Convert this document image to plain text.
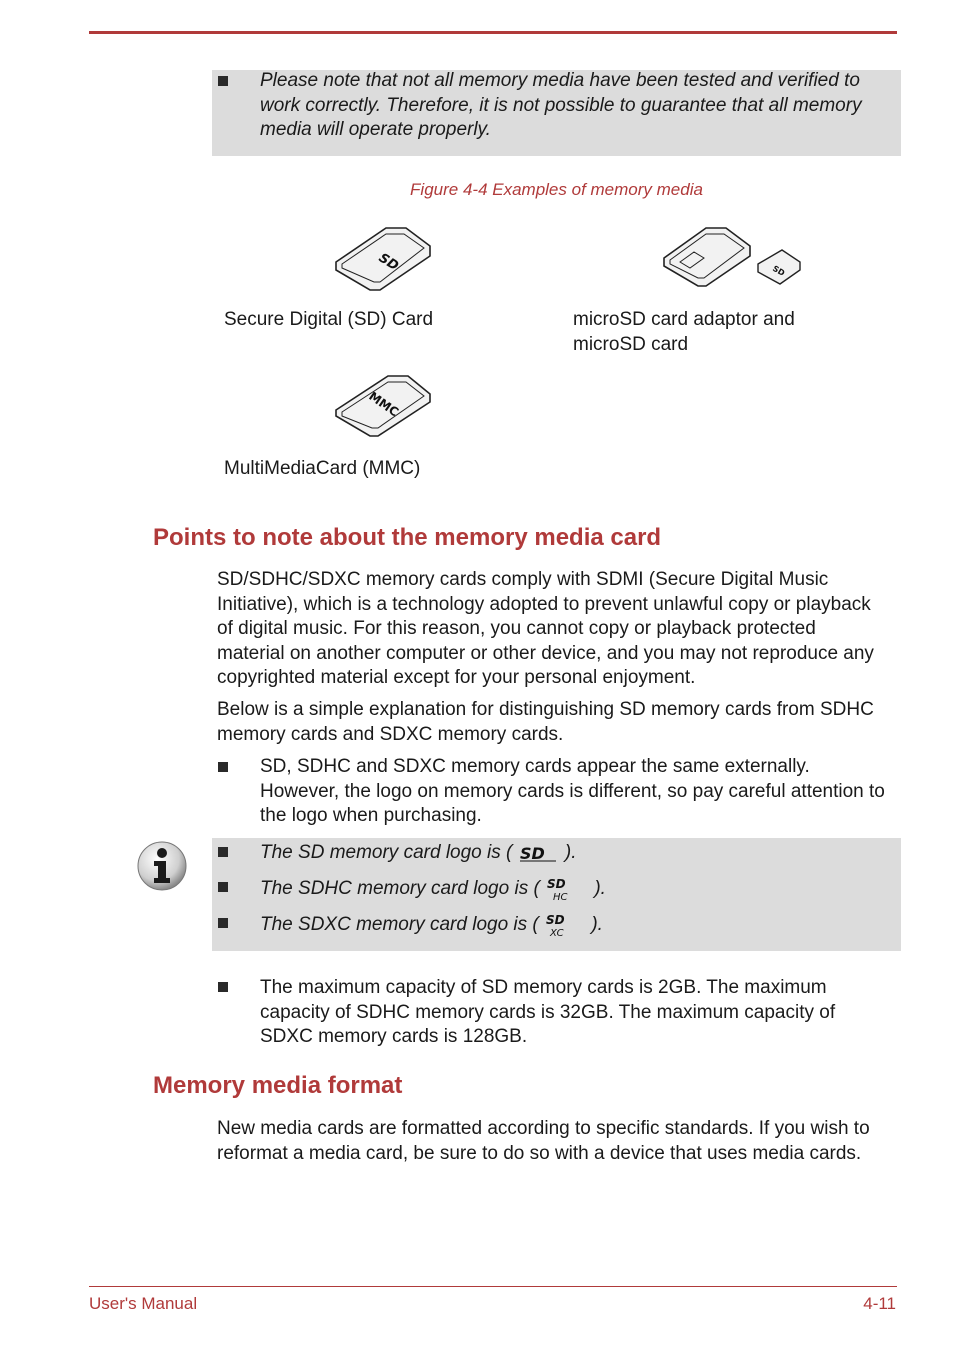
Please note that not all memory media have been tested and verified to work correctly. Therefore, it is not possible to guarantee that all memory media will operate properly.
Figure 4-4 Examples of memory media
SD	SD
Secure Digital (SD) Card	microSD card adaptor and microSD card
MMC
MultiMediaCard (MMC)
Points to note about the memory media card
SD/SDHC/SDXC memory cards comply with SDMI (Secure Digital Music Initiative), which is a technology adopted to prevent unlawful copy or playback of digital music. For this reason, you cannot copy or playback protected material on another computer or other device, and you may not reproduce any copyrighted material except for your personal enjoyment.
Below is a simple explanation for distinguishing SD memory cards from SDHC memory cards and SDXC memory cards.
SD, SDHC and SDXC memory cards appear the same externally. However, the logo on memory cards is different, so pay careful attention to the logo when purchasing.
The SD memory card logo is ( SD ).
The SDHC memory card logo is ( SD
HC ).
The SDXC memory card logo is ( SD
XC ).
The maximum capacity of SD memory cards is 2GB. The maximum capacity of SDHC memory cards is 32GB. The maximum capacity of SDXC memory cards is 128GB.
Memory media format
New media cards are formatted according to specific standards. If you wish to reformat a media card, be sure to do so with a device that uses media cards.
User's Manual	4-11
